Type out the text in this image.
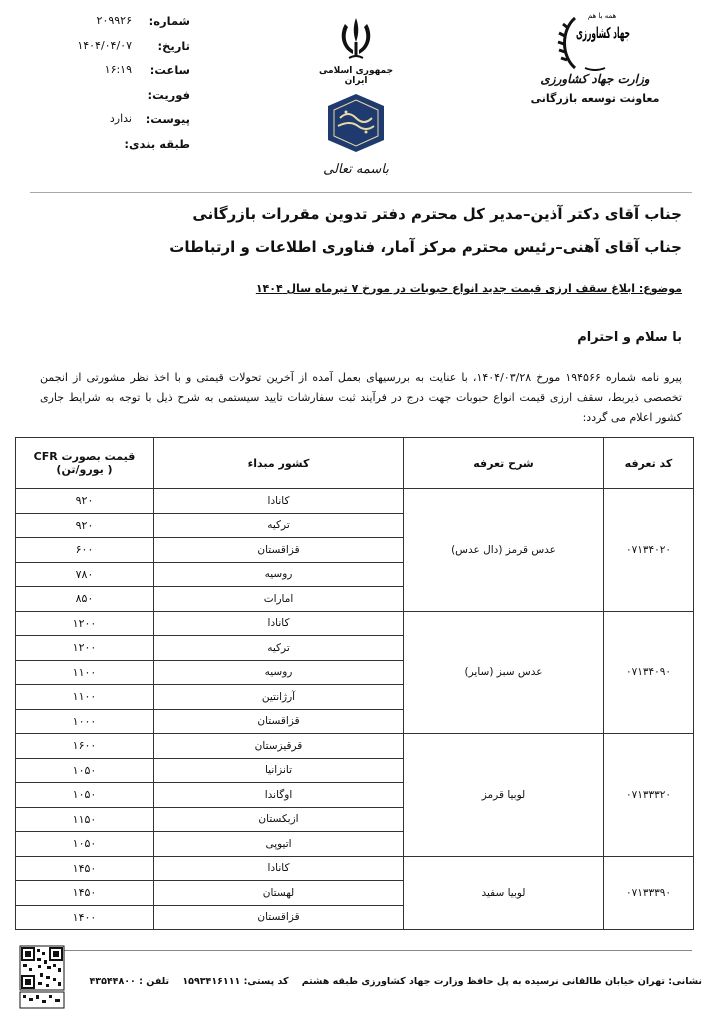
شماره:
۲۰۹۹۲۶
تاریخ:
۱۴۰۴/۰۴/۰۷
ساعت:
۱۶:۱۹
فوریت:
پیوست:
ندارد
طبقه بندی:
جمهوری اسلامی ایران
باسمه تعالی
همه با هم
جهاد کشاورزی
وزارت جهاد کشاورزی
معاونت توسعه بازرگانی
جناب آقای دکتر آذین–مدیر کل محترم دفتر تدوین مقررات بازرگانی
جناب آقای آهنی–رئیس محترم مرکز آمار، فناوری اطلاعات و ارتباطات
موضوع: ابلاغ سقف ارزی قیمت جدید انواع حبوبات در مورخ ۷ تیرماه سال ۱۴۰۴
با سلام و احترام
پیرو نامه شماره ۱۹۴۵۶۶ مورخ ۱۴۰۴/۰۳/۲۸، با عنایت به بررسیهای بعمل آمده از آخرین تحولات قیمتی و با اخذ نظر مشورتی از انجمن تخصصی ذیربط، سقف ارزی قیمت انواع حبوبات جهت درج در فرآیند ثبت سفارشات تایید سیستمی به شرح ذیل با توجه به شرایط جاری کشور اعلام می گردد:
کد تعرفه	شرح تعرفه	کشور مبداء	قیمت بصورت CFR
( یورو/تن)

۰۷۱۳۴۰۲۰	عدس قرمز (دال عدس)	کانادا	۹۲۰
		ترکیه	۹۲۰
		قزاقستان	۶۰۰
		روسیه	۷۸۰
		امارات	۸۵۰
۰۷۱۳۴۰۹۰	عدس سبز (سایر)	کانادا	۱۲۰۰
		ترکیه	۱۲۰۰
		روسیه	۱۱۰۰
		آرژانتین	۱۱۰۰
		قزاقستان	۱۰۰۰
۰۷۱۳۳۳۲۰	لوبیا قرمز	قرقیزستان	۱۶۰۰
		تانزانیا	۱۰۵۰
		اوگاندا	۱۰۵۰
		ازبکستان	۱۱۵۰
		اتیوپی	۱۰۵۰
۰۷۱۳۳۳۹۰	لوبیا سفید	کانادا	۱۴۵۰
		لهستان	۱۴۵۰
		قزاقستان	۱۴۰۰
نشانی: تهران خیابان طالقانی نرسیده به پل حافظ وزارت جهاد کشاورزی طبقه هشتم    کد پستی: ۱۵۹۳۴۱۶۱۱۱    تلفن : ۴۳۵۴۴۸۰۰
